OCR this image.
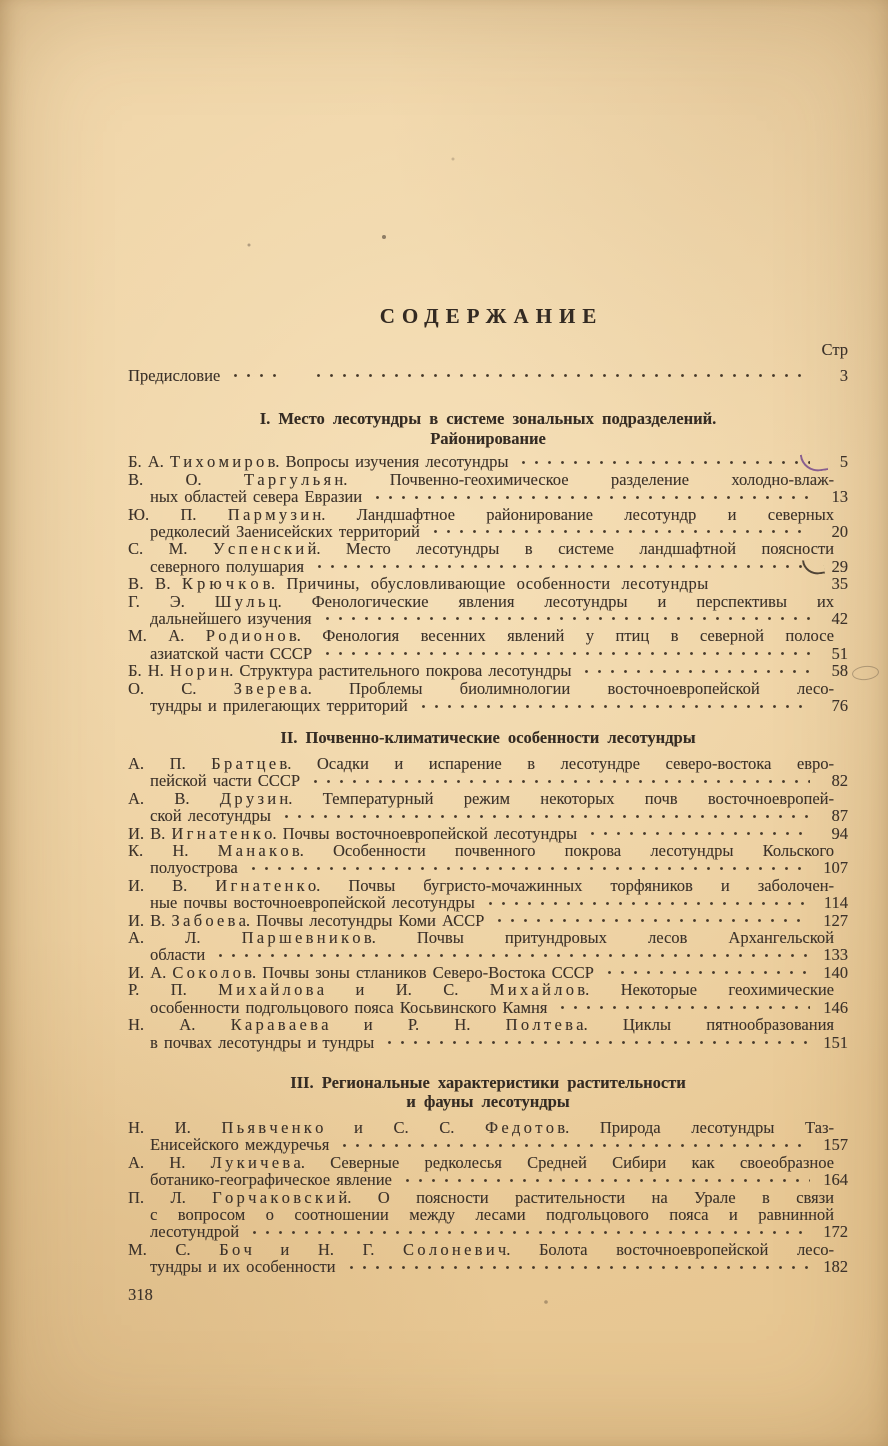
СОДЕРЖАНИЕ
Стр
Предисловие	3
I. Место лесотундры в системе зональных подразделений.
Районирование
Б. А. Т и х о м и р о в. Вопросы изучения лесотундры	5
В. О. Т а р г у л ь я н. Почвенно-геохимическое разделение холодно-влаж-
ных областей севера Евразии	13
Ю. П. П а р м у з и н. Ландшафтное районирование лесотундр и северных
редколесий Заенисейских территорий	20
С. М. У с п е н с к и й. Место лесотундры в системе ландшафтной поясности
северного полушария	29
В. В. К р ю ч к о в. Причины, обусловливающие особенности лесотундры	35
Г. Э. Ш у л ь ц. Фенологические явления лесотундры и перспективы их
дальнейшего изучения	42
М. А. Р о д и о н о в. Фенология весенних явлений у птиц в северной полосе
азиатской части СССР	51
Б. Н. Н о р и н. Структура растительного покрова лесотундры	58
О. С. З в е р е в а. Проблемы биолимнологии восточноевропейской лесо-
тундры и прилегающих территорий	76
II. Почвенно-климатические особенности лесотундры
А. П. Б р а т ц е в. Осадки и испарение в лесотундре северо-востока евро-
пейской части СССР	82
А. В. Д р у з и н. Температурный режим некоторых почв восточноевропей-
ской лесотундры	87
И. В. И г н а т е н к о. Почвы восточноевропейской лесотундры	94
К. Н. М а н а к о в. Особенности почвенного покрова лесотундры Кольского
полуострова	107
И. В. И г н а т е н к о. Почвы бугристо-мочажинных торфяников и заболочен-
ные почвы восточноевропейской лесотундры	114
И. В. З а б о е в а. Почвы лесотундры Коми АССР	127
А. Л. П а р ш е в н и к о в. Почвы притундровых лесов Архангельской
области	133
И. А. С о к о л о в. Почвы зоны стлаников Северо-Востока СССР	140
Р. П. М и х а й л о в а и И. С. М и х а й л о в. Некоторые геохимические
особенности подгольцового пояса Косьвинского Камня	146
Н. А. К а р а в а е в а и Р. Н. П о л т е в а. Циклы пятнообразования
в почвах лесотундры и тундры	151
III. Региональные характеристики растительности
и фауны лесотундры
Н. И. П ь я в ч е н к о и С. С. Ф е д о т о в. Природа лесотундры Таз-
Енисейского междуречья	157
А. Н. Л у к и ч е в а. Северные редколесья Средней Сибири как своеобразное
ботанико-географическое явление	164
П. Л. Г о р ч а к о в с к и й. О поясности растительности на Урале в связи
с вопросом о соотношении между лесами подгольцового пояса и равнинной
лесотундрой	172
М. С. Б о ч и Н. Г. С о л о н е в и ч. Болота восточноевропейской лесо-
тундры и их особенности	182
318
